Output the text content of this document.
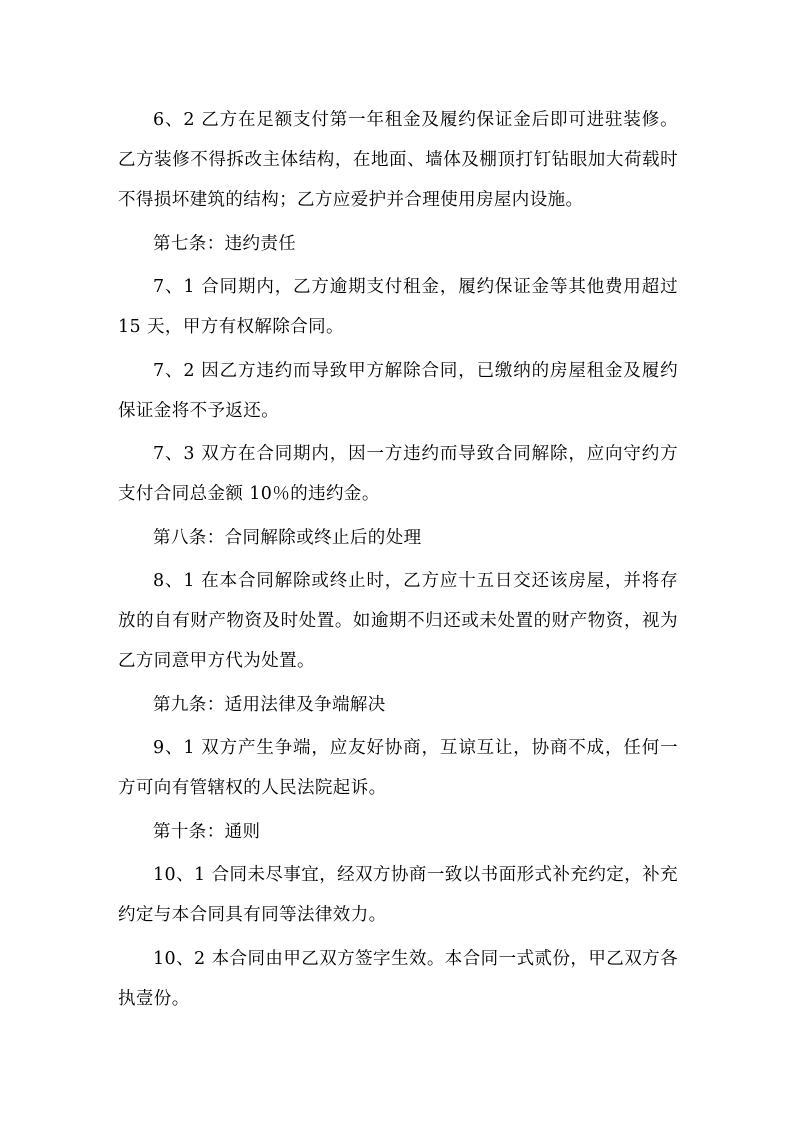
6、2 乙方在足额支付第一年租金及履约保证金后即可进驻装修。乙方装修不得拆改主体结构，在地面、墙体及棚顶打钉钻眼加大荷载时不得损坏建筑的结构；乙方应爱护并合理使用房屋内设施。

第七条：违约责任

7、1 合同期内，乙方逾期支付租金，履约保证金等其他费用超过 15 天，甲方有权解除合同。

7、2 因乙方违约而导致甲方解除合同，已缴纳的房屋租金及履约保证金将不予返还。

7、3 双方在合同期内，因一方违约而导致合同解除，应向守约方支付合同总金额 10％的违约金。

第八条：合同解除或终止后的处理

8、1 在本合同解除或终止时，乙方应十五日交还该房屋，并将存放的自有财产物资及时处置。如逾期不归还或未处置的财产物资，视为乙方同意甲方代为处置。

第九条：适用法律及争端解决

9、1 双方产生争端，应友好协商，互谅互让，协商不成，任何一方可向有管辖权的人民法院起诉。

第十条：通则

10、1 合同未尽事宜，经双方协商一致以书面形式补充约定，补充约定与本合同具有同等法律效力。

10、2 本合同由甲乙双方签字生效。本合同一式贰份，甲乙双方各执壹份。
